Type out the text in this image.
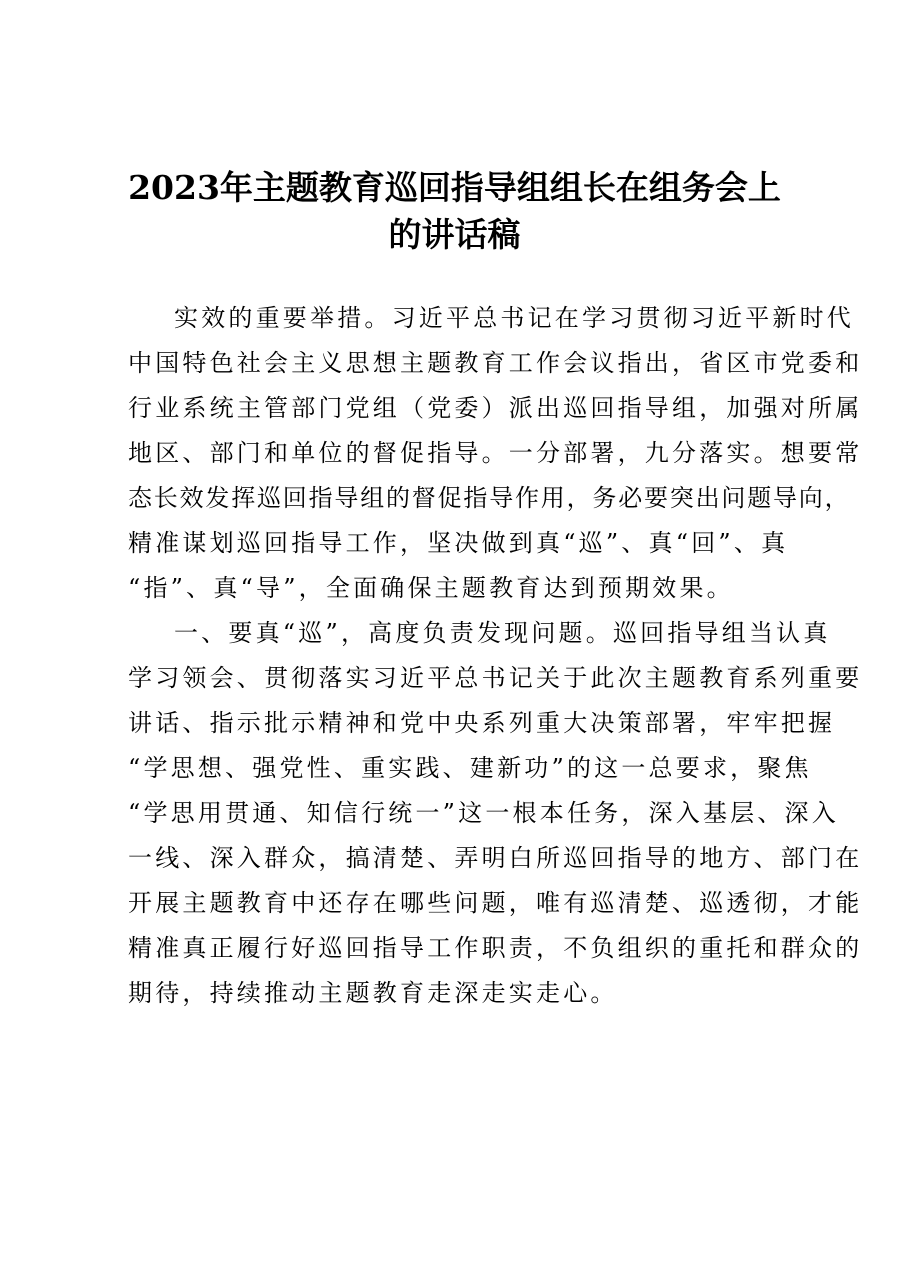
2023年主题教育巡回指导组组长在组务会上
的讲话稿
实效的重要举措。习近平总书记在学习贯彻习近平新时代
中国特色社会主义思想主题教育工作会议指出，省区市党委和
行业系统主管部门党组（党委）派出巡回指导组，加强对所属
地区、部门和单位的督促指导。一分部署，九分落实。想要常
态长效发挥巡回指导组的督促指导作用，务必要突出问题导向，
精准谋划巡回指导工作，坚决做到真“巡”、真“回”、真
“指”、真“导”，全面确保主题教育达到预期效果。
一、要真“巡”，高度负责发现问题。巡回指导组当认真
学习领会、贯彻落实习近平总书记关于此次主题教育系列重要
讲话、指示批示精神和党中央系列重大决策部署，牢牢把握
“学思想、强党性、重实践、建新功”的这一总要求，聚焦
“学思用贯通、知信行统一”这一根本任务，深入基层、深入
一线、深入群众，搞清楚、弄明白所巡回指导的地方、部门在
开展主题教育中还存在哪些问题，唯有巡清楚、巡透彻，才能
精准真正履行好巡回指导工作职责，不负组织的重托和群众的
期待，持续推动主题教育走深走实走心。
